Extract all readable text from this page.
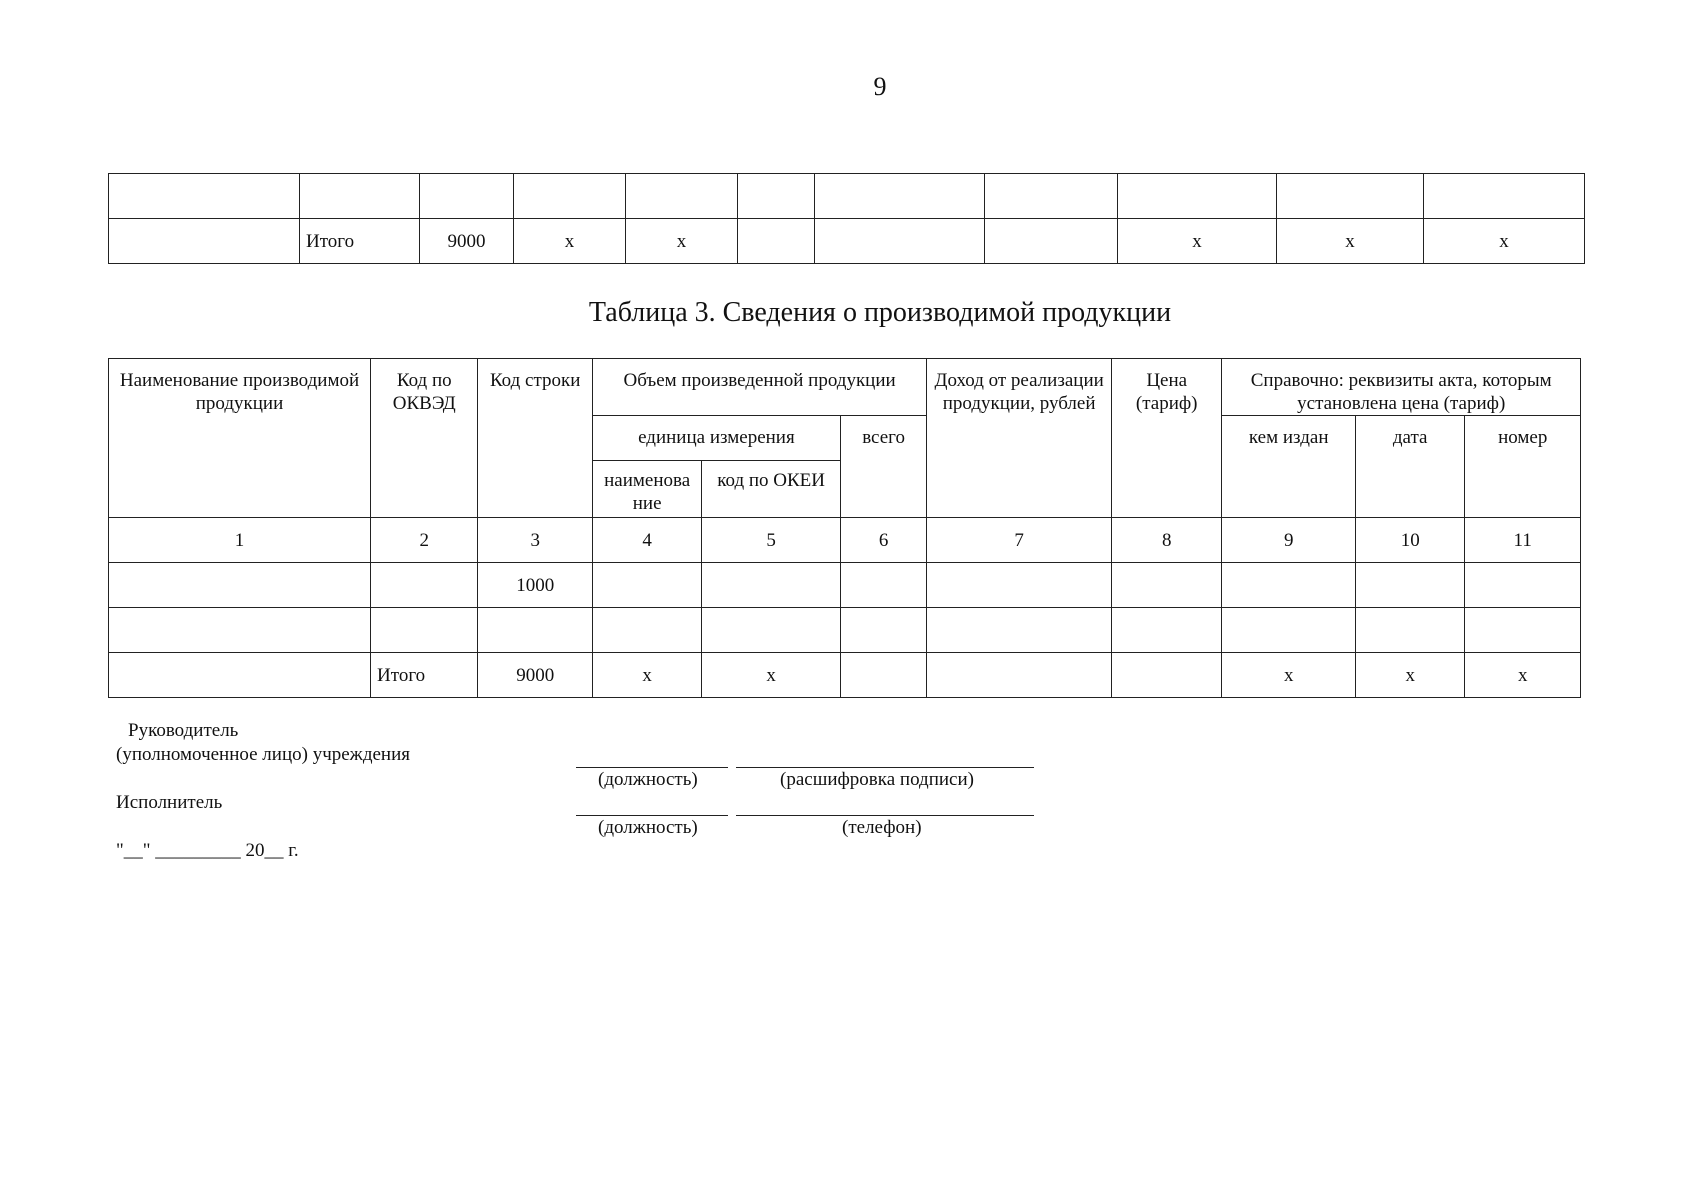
9

	Итого	9000	х	х				х	х	х
Таблица 3. Сведения о производимой продукции
Наименование производимой продукции	Код по ОКВЭД	Код строки	Объем произведенной продукции			Доход от реализации продукции, рублей	Цена (тариф)	Справочно: реквизиты акта, которым установлена цена (тариф)		
			единица измерения		всего			кем издан	дата	номер
			наименова ние	код по ОКЕИ						
1	2	3	4	5	6	7	8	9	10	11
		1000								

	Итого	9000	х	х				х	х	х
Руководитель
(уполномоченное лицо) учреждения
(должность)	(расшифровка подписи)
Исполнитель
(должность)	(телефон)
"__" _________ 20__ г.
